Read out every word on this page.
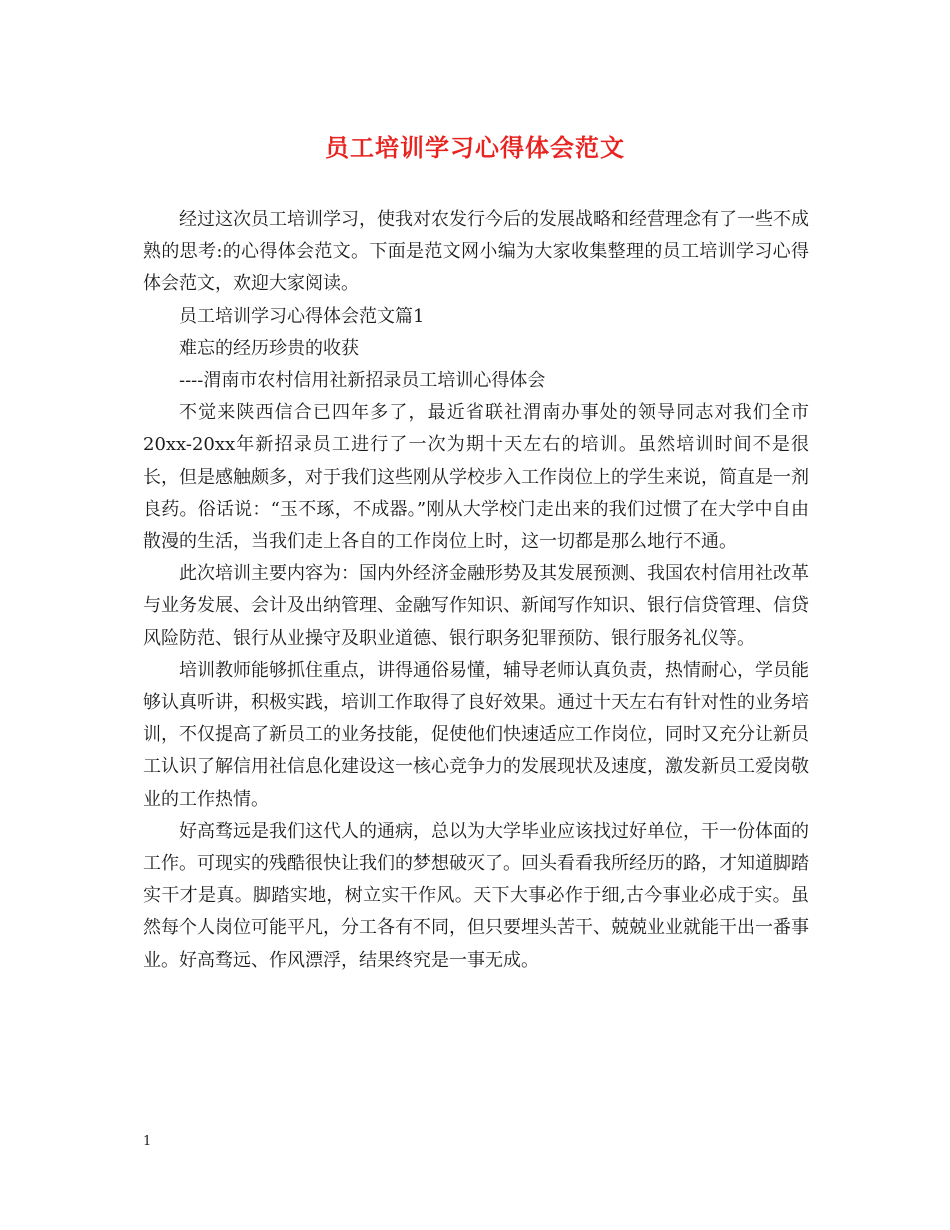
员工培训学习心得体会范文

经过这次员工培训学习，使我对农发行今后的发展战略和经营理念有了一些不成熟的思考:的心得体会范文。下面是范文网小编为大家收集整理的员工培训学习心得体会范文，欢迎大家阅读。

员工培训学习心得体会范文篇1

难忘的经历珍贵的收获

----渭南市农村信用社新招录员工培训心得体会

不觉来陕西信合已四年多了，最近省联社渭南办事处的领导同志对我们全市20xx-20xx年新招录员工进行了一次为期十天左右的培训。虽然培训时间不是很长，但是感触颇多，对于我们这些刚从学校步入工作岗位上的学生来说，简直是一剂良药。俗话说：“玉不琢，不成器。”刚从大学校门走出来的我们过惯了在大学中自由散漫的生活，当我们走上各自的工作岗位上时，这一切都是那么地行不通。

此次培训主要内容为：国内外经济金融形势及其发展预测、我国农村信用社改革与业务发展、会计及出纳管理、金融写作知识、新闻写作知识、银行信贷管理、信贷风险防范、银行从业操守及职业道德、银行职务犯罪预防、银行服务礼仪等。

培训教师能够抓住重点，讲得通俗易懂，辅导老师认真负责，热情耐心，学员能够认真听讲，积极实践，培训工作取得了良好效果。通过十天左右有针对性的业务培训，不仅提高了新员工的业务技能，促使他们快速适应工作岗位，同时又充分让新员工认识了解信用社信息化建设这一核心竞争力的发展现状及速度，激发新员工爱岗敬业的工作热情。

好高骛远是我们这代人的通病，总以为大学毕业应该找过好单位，干一份体面的工作。可现实的残酷很快让我们的梦想破灭了。回头看看我所经历的路，才知道脚踏实干才是真。脚踏实地，树立实干作风。天下大事必作于细,古今事业必成于实。虽然每个人岗位可能平凡，分工各有不同，但只要埋头苦干、兢兢业业就能干出一番事业。好高骛远、作风漂浮，结果终究是一事无成。

1
